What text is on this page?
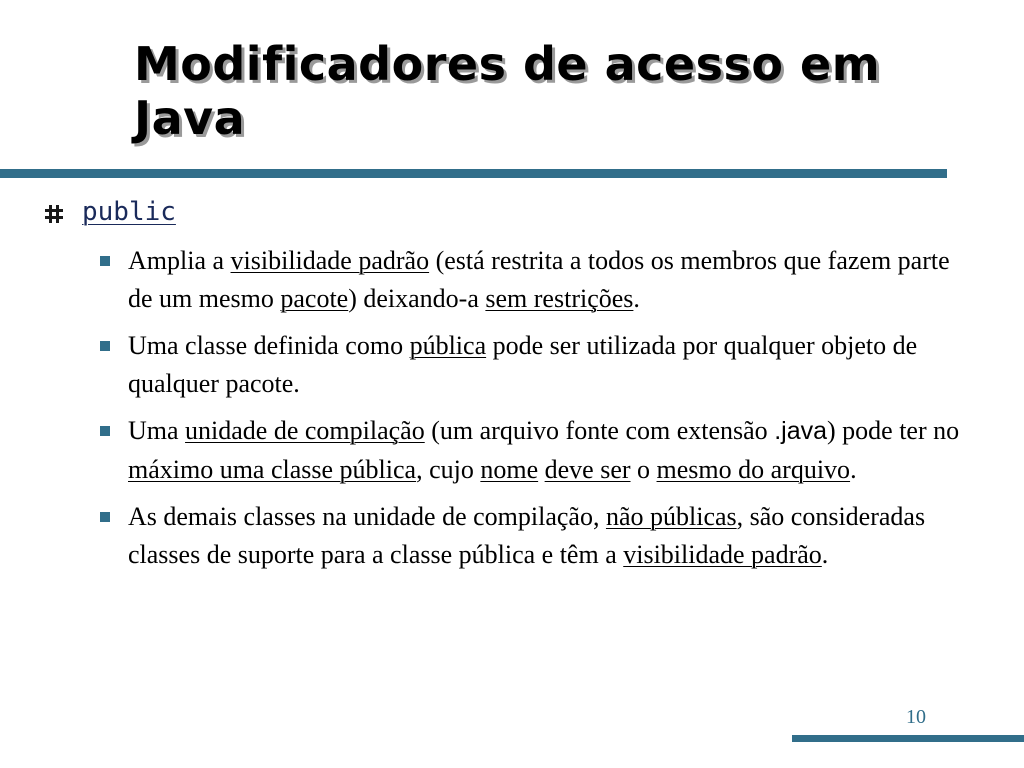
Modificadores de acesso em
Java
public
Amplia a visibilidade padrão (está restrita a todos os membros que fazem parte de um mesmo pacote) deixando-a sem restrições.
Uma classe definida como pública pode ser utilizada por qualquer objeto de qualquer pacote.
Uma unidade de compilação (um arquivo fonte com extensão .java) pode ter no máximo uma classe pública, cujo nome deve ser o mesmo do arquivo.
As demais classes na unidade de compilação, não públicas, são consideradas classes de suporte para a classe pública e têm a visibilidade padrão.
10
